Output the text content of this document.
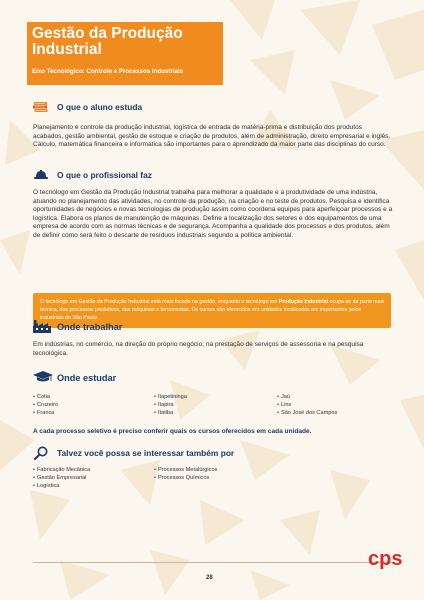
Gestão da Produção Industrial
Eixo Tecnológico: Controle e Processos Industriais
O que o aluno estuda
Planejamento e controle da produção industrial, logística de entrada de matéria-prima e distribuição dos produtos acabados, gestão ambiental, gestão de estoque e criação de produtos, além de administração, direito empresarial e inglês. Cálculo, matemática financeira e informática são importantes para o aprendizado da maior parte das disciplinas do curso.
O que o profissional faz
O tecnólogo em Gestão da Produção Industrial trabalha para melhorar a qualidade e a produtividade de uma indústria, atuando no planejamento das atividades, no controle da produção, na criação e no teste de produtos. Pesquisa e identifica oportunidades de negócios e novas tecnologias de produção assim como coordena equipes para aperfeiçoar processos e a logística. Elabora os planos de manutenção de máquinas. Define a localização dos setores e dos equipamentos de uma empresa de acordo com as normas técnicas e de segurança. Acompanha a qualidade dos processos e dos produtos, além de definir como será feito o descarte de resíduos industriais segundo a política ambiental.
O tecnólogo em Gestão da Produção Industrial está mais focado na gestão, enquanto o tecnólogo em Produção Industrial ocupa-se da parte mais técnica, dos processos produtivos, das máquinas e ferramentas. Os cursos são oferecidos em unidades localizadas em importantes polos industriais de São Paulo.
Onde trabalhar
Em indústrias, no comércio, na direção do próprio negócio; na prestação de serviços de assessoria e na pesquisa tecnológica.
Onde estudar
• Cotia
• Cruzeiro
• Franca
• Itapetininga
• Itapira
• Itatiba
• Jaú
• Lins
• São José dos Campos
A cada processo seletivo é preciso conferir quais os cursos oferecidos em cada unidade.
Talvez você possa se interessar também por
• Fabricação Mecânica
• Gestão Empresarial
• Logística
• Processos Metalúrgicos
• Processos Químicos
28
cps
